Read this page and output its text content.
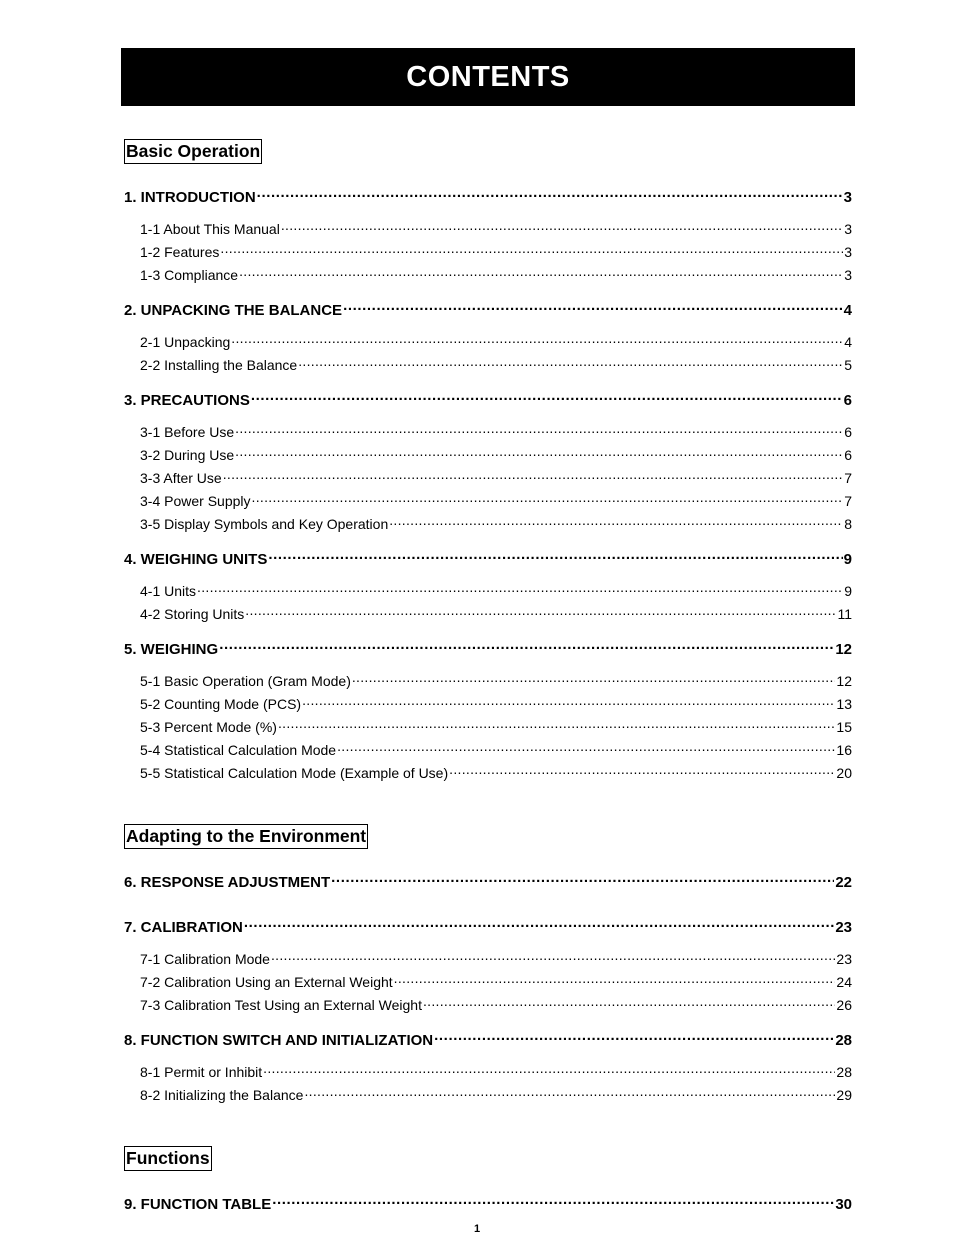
CONTENTS
Basic Operation
1. INTRODUCTION .....	3
1-1 About This Manual .....	3
1-2 Features .....	3
1-3 Compliance .....	3
2. UNPACKING THE BALANCE .....	4
2-1 Unpacking .....	4
2-2 Installing the Balance .....	5
3. PRECAUTIONS .....	6
3-1 Before Use .....	6
3-2 During Use .....	6
3-3 After Use .....	7
3-4 Power Supply .....	7
3-5 Display Symbols and Key Operation .....	8
4. WEIGHING UNITS .....	9
4-1 Units .....	9
4-2 Storing Units .....	11
5. WEIGHING .....	12
5-1 Basic Operation (Gram Mode) .....	12
5-2 Counting Mode (PCS) .....	13
5-3 Percent Mode (%) .....	15
5-4 Statistical Calculation Mode .....	16
5-5 Statistical Calculation Mode (Example of Use) .....	20
Adapting to the Environment
6. RESPONSE ADJUSTMENT .....	22
7. CALIBRATION .....	23
7-1 Calibration Mode .....	23
7-2 Calibration Using an External Weight .....	24
7-3 Calibration Test Using an External Weight .....	26
8. FUNCTION SWITCH AND INITIALIZATION .....	28
8-1 Permit or Inhibit .....	28
8-2 Initializing the Balance .....	29
Functions
9. FUNCTION TABLE .....	30
1
